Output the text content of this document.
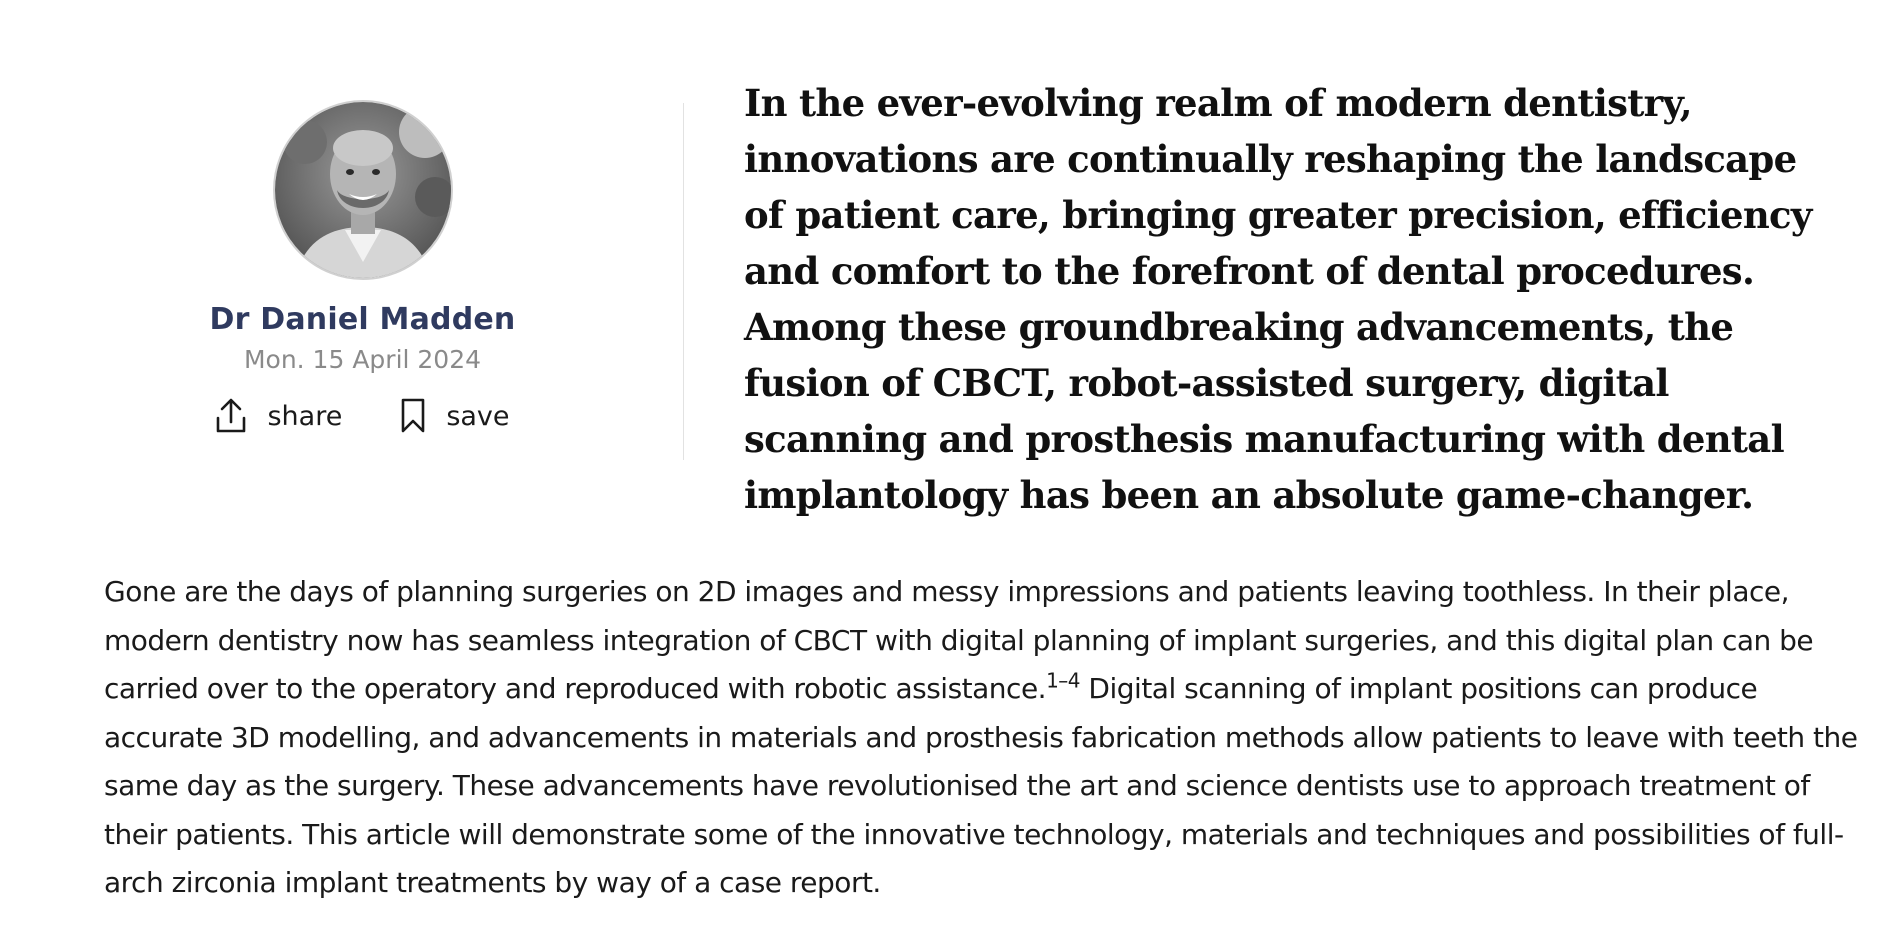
Dr Daniel Madden
Mon. 15 April 2024
share	save

In the ever-evolving realm of modern dentistry, innovations are continually reshaping the landscape of patient care, bringing greater precision, efficiency and comfort to the forefront of dental procedures. Among these groundbreaking advancements, the fusion of CBCT, robot-assisted surgery, digital scanning and prosthesis manufacturing with dental implantology has been an absolute game-changer.

Gone are the days of planning surgeries on 2D images and messy impressions and patients leaving toothless. In their place, modern dentistry now has seamless integration of CBCT with digital planning of implant surgeries, and this digital plan can be carried over to the operatory and reproduced with robotic assistance.$^{1-4}$ Digital scanning of implant positions can produce accurate 3D modelling, and advancements in materials and prosthesis fabrication methods allow patients to leave with teeth the same day as the surgery. These advancements have revolutionised the art and science dentists use to approach treatment of their patients. This article will demonstrate some of the innovative technology, materials and techniques and possibilities of full-arch zirconia implant treatments by way of a case report.
